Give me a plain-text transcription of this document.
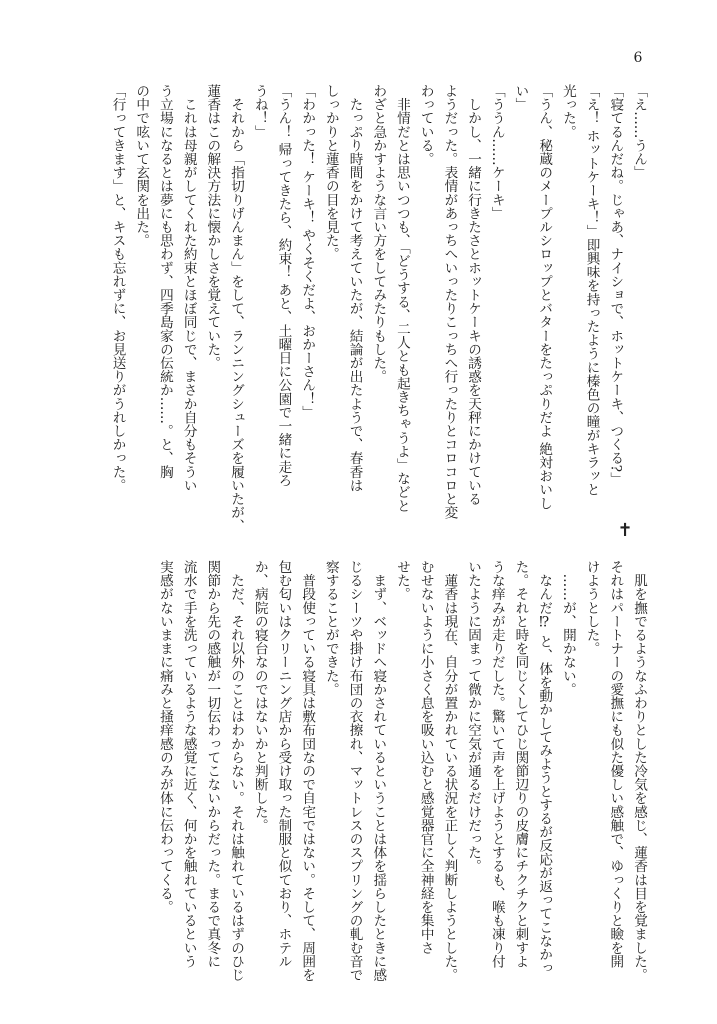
6
「え……うん」
「寝てるんだね。じゃあ、ナイショで、ホットケーキ、つくる?」
「え！ ホットケーキ！」即興味を持ったように榛色の瞳がキラッと
光った。
「うん、秘蔵のメープルシロップとバターをたっぷりだよ 絶対おいし
い」
「ううん……ケーキ」
　しかし、一緒に行きたさとホットケーキの誘惑を天秤にかけている
ようだった。表情があっちへいったりこっちへ行ったりとコロコロと変
わっている。
　非情だとは思いつつも、「どうする、二人とも起きちゃうよ」などと
わざと急かすような言い方をしてみたりもした。
　たっぷり時間をかけて考えていたが、結論が出たようで、春香は
しっかりと蓮香の目を見た。
「わかった！ ケーキ！ やくそくだよ、おかーさん！」
「うん！ 帰ってきたら、約束！ あと、土曜日に公園で一緒に走ろ
うね！」
　それから「指切りげんまん」をして、ランニングシューズを履いたが、
蓮香はこの解決方法に懐かしさを覚えていた。
　これは母親がしてくれた約束とほぼ同じで、まさか自分もそうい
う立場になるとは夢にも思わず、四季島家の伝統か……。と、胸
の中で呟いて玄関を出た。
「行ってきます」と、キスも忘れずに、お見送りがうれしかった。
✝
　肌を撫でるようなふわりとした冷気を感じ、蓮香は目を覚ました。
それはパートナーの愛撫にも似た優しい感触で、ゆっくりと瞼を開
けようとした。
　……が、開かない。
　なんだ⁉ と、体を動かしてみようとするが反応が返ってこなかっ
た。それと時を同じくしてひじ関節辺りの皮膚にチクチクと刺すよ
うな痒みが走りだした。驚いて声を上げようとするも、喉も凍り付
いたように固まって微かに空気が通るだけだった。
　蓮香は現在、自分が置かれている状況を正しく判断しようとした。
むせないように小さく息を吸い込むと感覚器官に全神経を集中さ
せた。
　まず、ベッドへ寝かされているということは体を揺らしたときに感
じるシーツや掛け布団の衣擦れ、マットレスのスプリングの軋む音で
察することができた。
　普段使っている寝具は敷布団なので自宅ではない。そして、周囲を
包む匂いはクリーニング店から受け取った制服と似ており、ホテル
か、病院の寝台なのではないかと判断した。
　ただ、それ以外のことはわからない。それは触れているはずのひじ
関節から先の感触が一切伝わってこないからだった。まるで真冬に
流水で手を洗っているような感覚に近く、何かを触れているという
実感がないままに痛みと掻痒感のみが体に伝わってくる。
